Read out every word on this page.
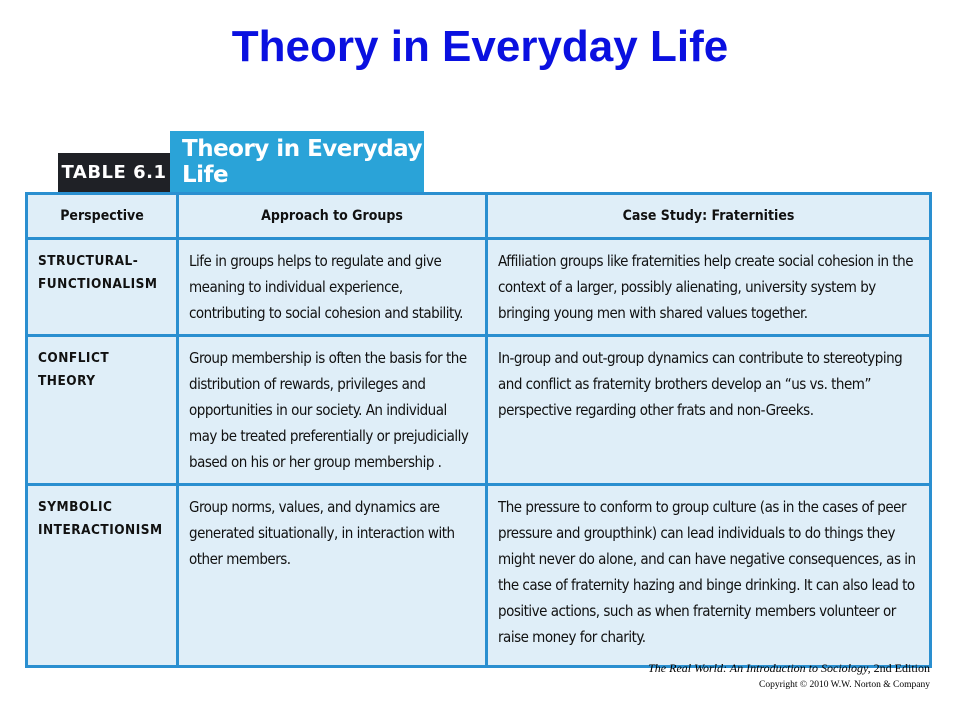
Theory in Everyday Life
TABLE 6.1
Theory in Everyday Life
Perspective	Approach to Groups	Case Study: Fraternities
STRUCTURAL-
FUNCTIONALISM	Life in groups helps to regulate and give meaning to individual experience, contributing to social cohesion and stability.	Affiliation groups like fraternities help create social cohesion in the context of a larger, possibly alienating, university system by bringing young men with shared values together.
CONFLICT THEORY	Group membership is often the basis for the distribution of rewards, privileges and opportunities in our society. An individual may be treated preferentially or prejudicially based on his or her group membership .	In-group and out-group dynamics can contribute to stereotyping and conflict as fraternity brothers develop an “us vs. them” perspective regarding other frats and non-Greeks.
SYMBOLIC
INTERACTIONISM	Group norms, values, and dynamics are generated situationally, in interaction with other members.	The pressure to conform to group culture (as in the cases of peer pressure and groupthink) can lead individuals to do things they might never do alone, and can have negative consequences, as in the case of fraternity hazing and binge drinking. It can also lead to positive actions, such as when fraternity members volunteer or raise money for charity.
The Real World: An Introduction to Sociology, 2nd Edition
Copyright © 2010 W.W. Norton & Company
